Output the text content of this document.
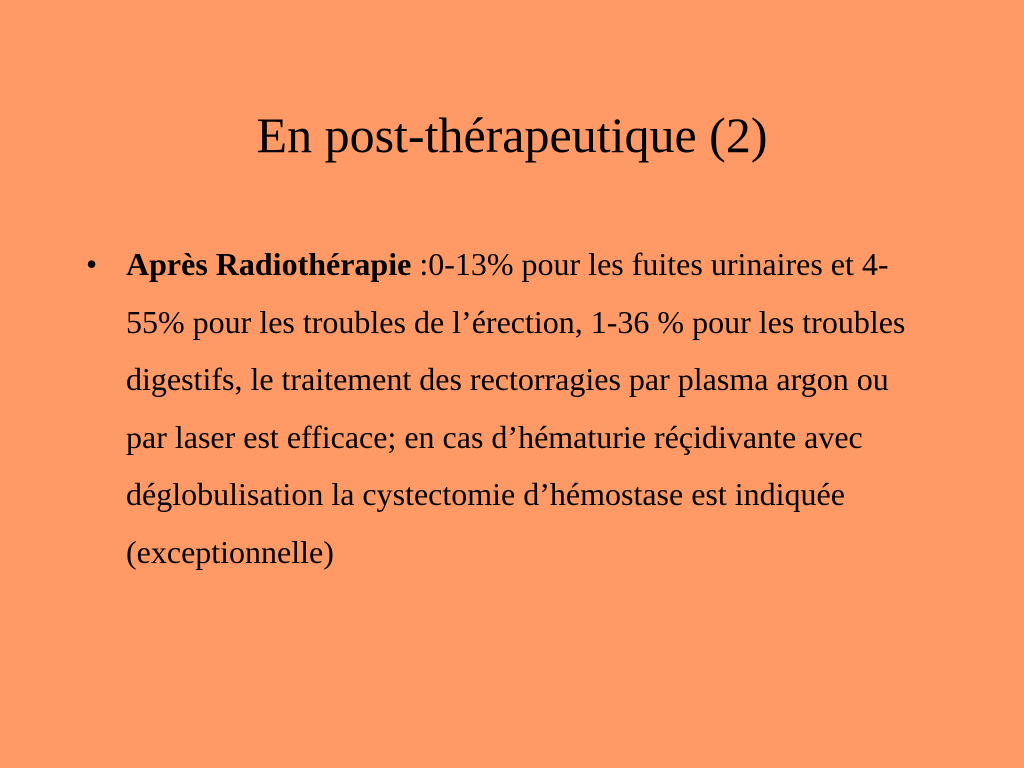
En post-thérapeutique (2)
• Après Radiothérapie :0-13% pour les fuites urinaires et 4-55% pour les troubles de l’érection, 1-36 % pour les troubles digestifs, le traitement des rectorragies par plasma argon ou par laser est efficace; en cas d’hématurie réçidivante avec déglobulisation la cystectomie d’hémostase est indiquée (exceptionnelle)
